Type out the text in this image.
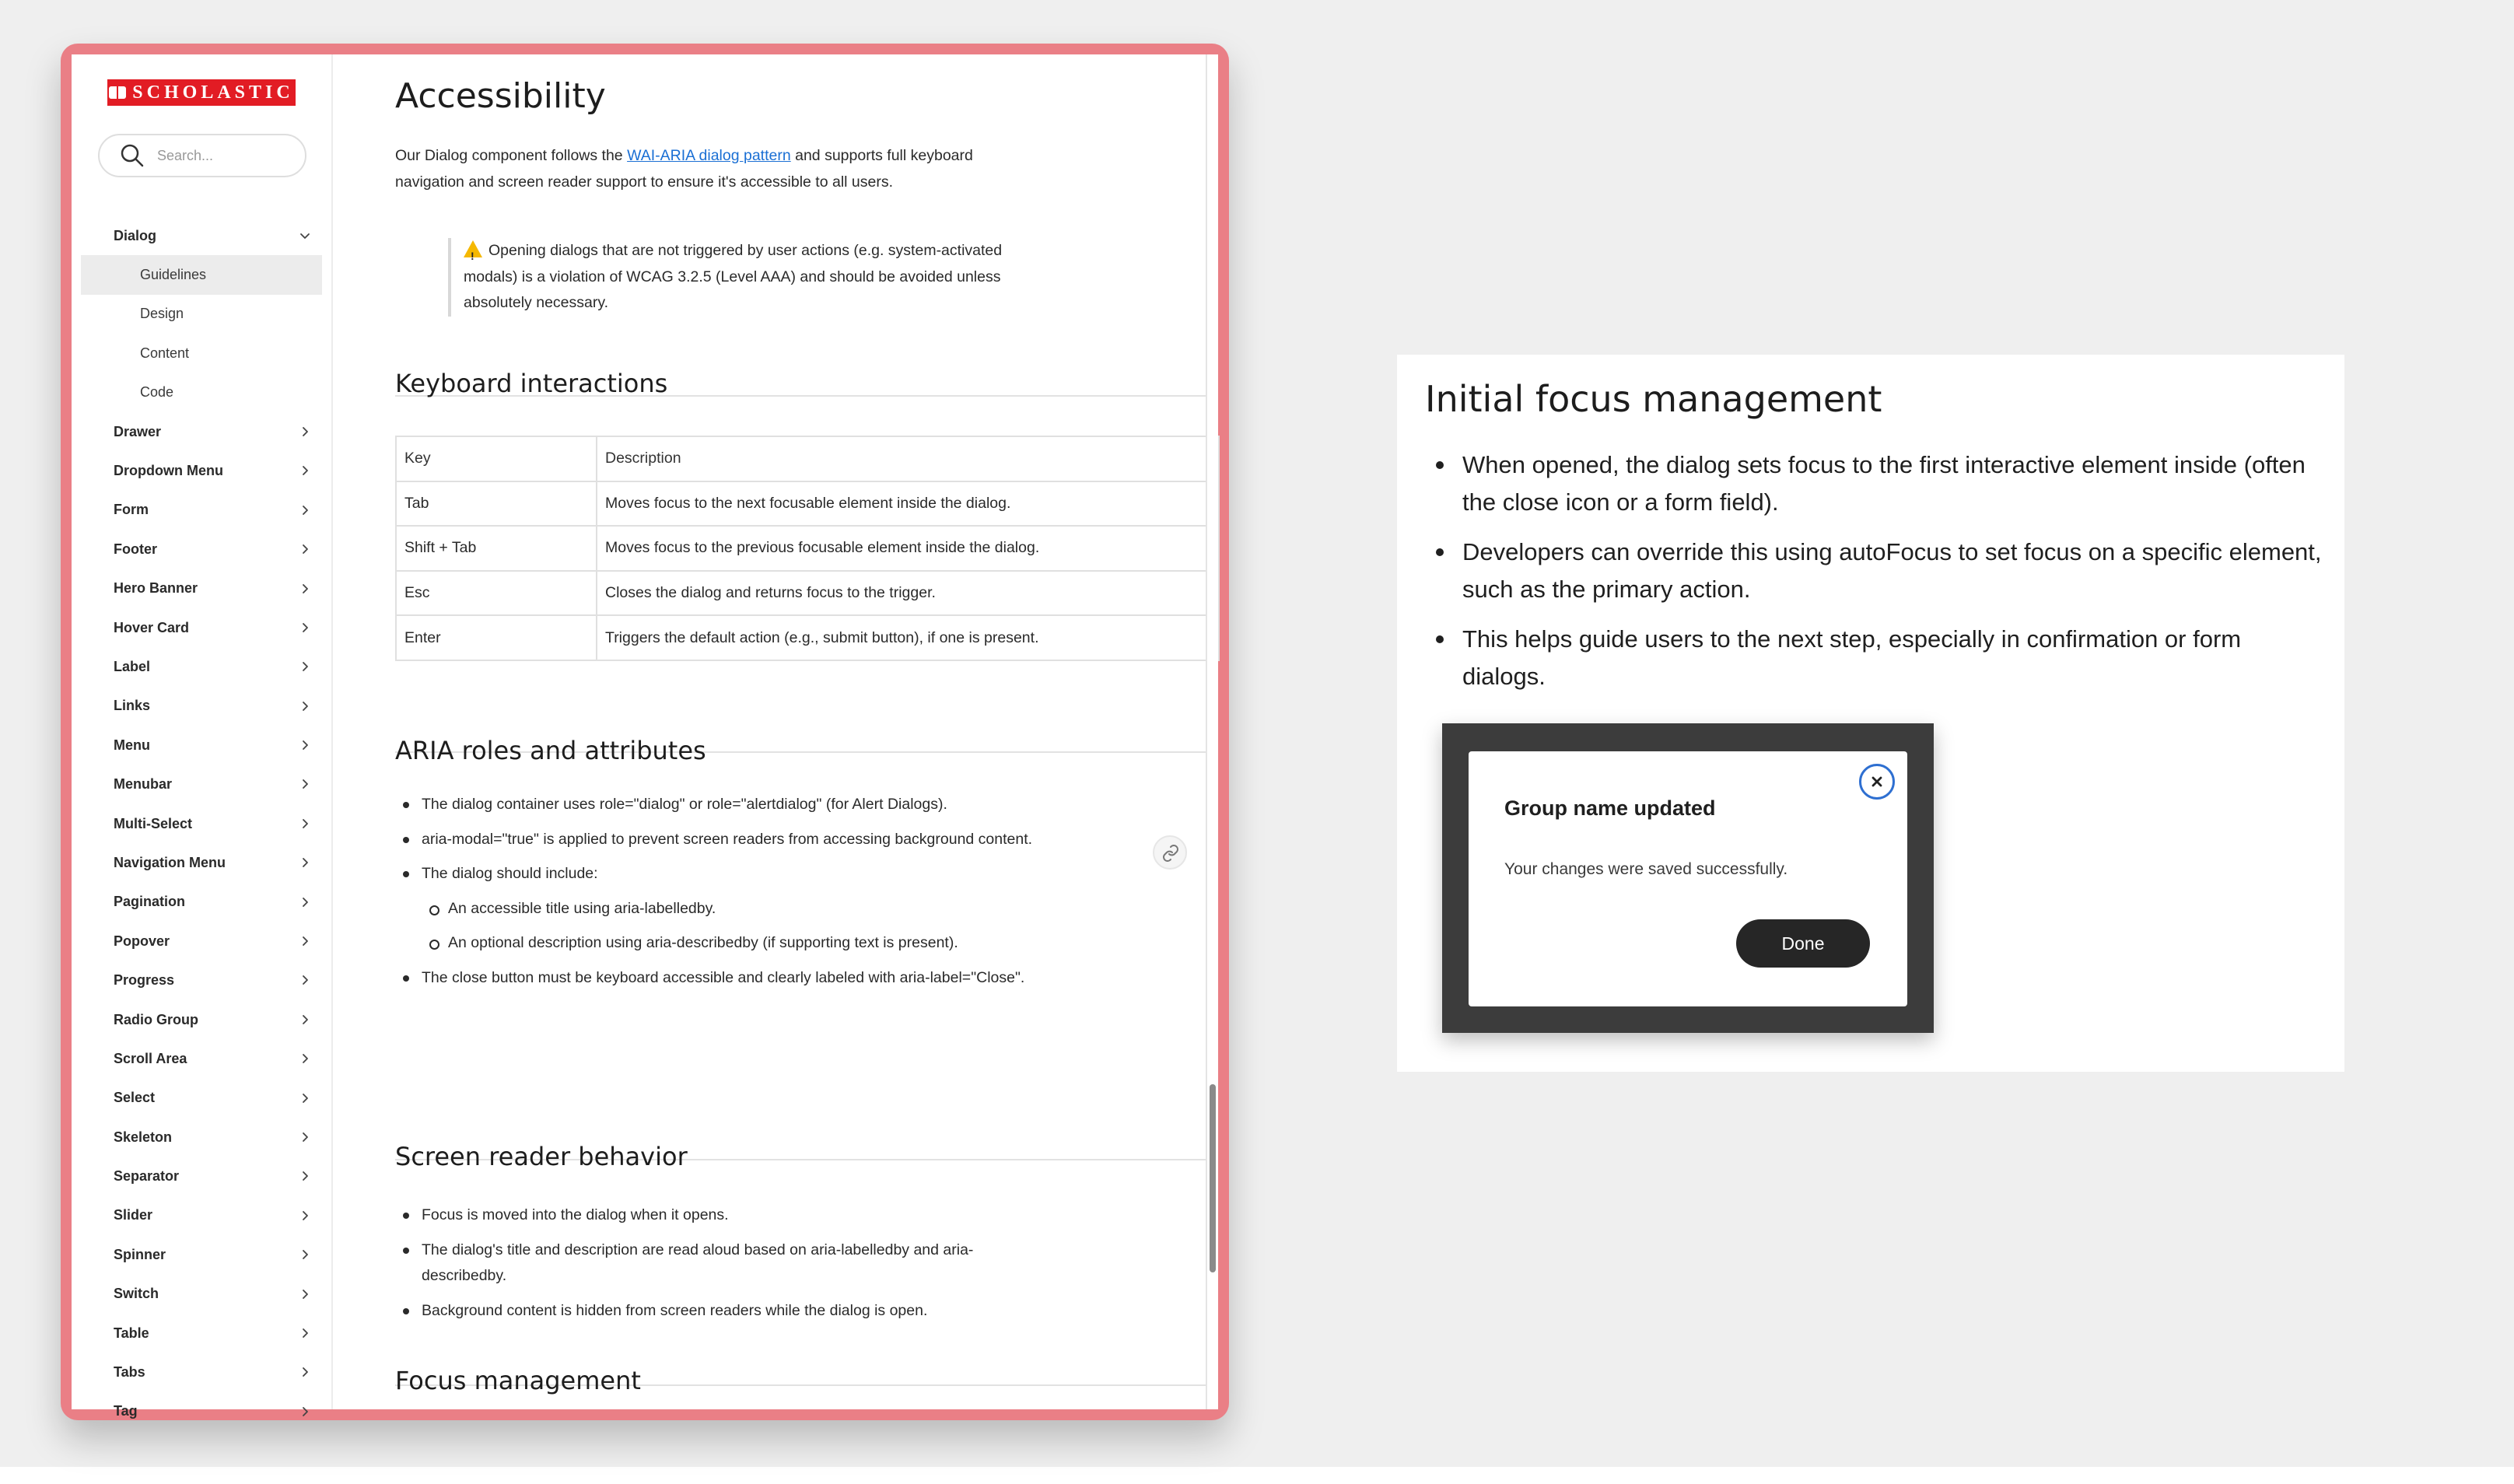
SCHOLASTIC
Search...
Dialog
Guidelines
Design
Content
Code
Drawer
Dropdown Menu
Form
Footer
Hero Banner
Hover Card
Label
Links
Menu
Menubar
Multi-Select
Navigation Menu
Pagination
Popover
Progress
Radio Group
Scroll Area
Select
Skeleton
Separator
Slider
Spinner
Switch
Table
Tabs
Tag
Accessibility

Our Dialog component follows the WAI-ARIA dialog pattern and supports full keyboard navigation and screen reader support to ensure it's accessible to all users.

!Opening dialogs that are not triggered by user actions (e.g. system-activated modals) is a violation of WCAG 3.2.5 (Level AAA) and should be avoided unless absolutely necessary.
Keyboard interactions
Key	Description
Tab	Moves focus to the next focusable element inside the dialog.
Shift + Tab	Moves focus to the previous focusable element inside the dialog.
Esc	Closes the dialog and returns focus to the trigger.
Enter	Triggers the default action (e.g., submit button), if one is present.
ARIA roles and attributes
The dialog container uses role="dialog" or role="alertdialog" (for Alert Dialogs).
aria-modal="true" is applied to prevent screen readers from accessing background content.
The dialog should include:
An accessible title using aria-labelledby.
An optional description using aria-describedby (if supporting text is present).
The close button must be keyboard accessible and clearly labeled with aria-label="Close".
Screen reader behavior
Focus is moved into the dialog when it opens.
The dialog's title and description are read aloud based on aria-labelledby and aria-describedby.
Background content is hidden from screen readers while the dialog is open.
Focus management
Initial focus management
When opened, the dialog sets focus to the first interactive element inside (often the close icon or a form field).
Developers can override this using autoFocus to set focus on a specific element, such as the primary action.
This helps guide users to the next step, especially in confirmation or form dialogs.
Group name updated
Your changes were saved successfully.
Done
